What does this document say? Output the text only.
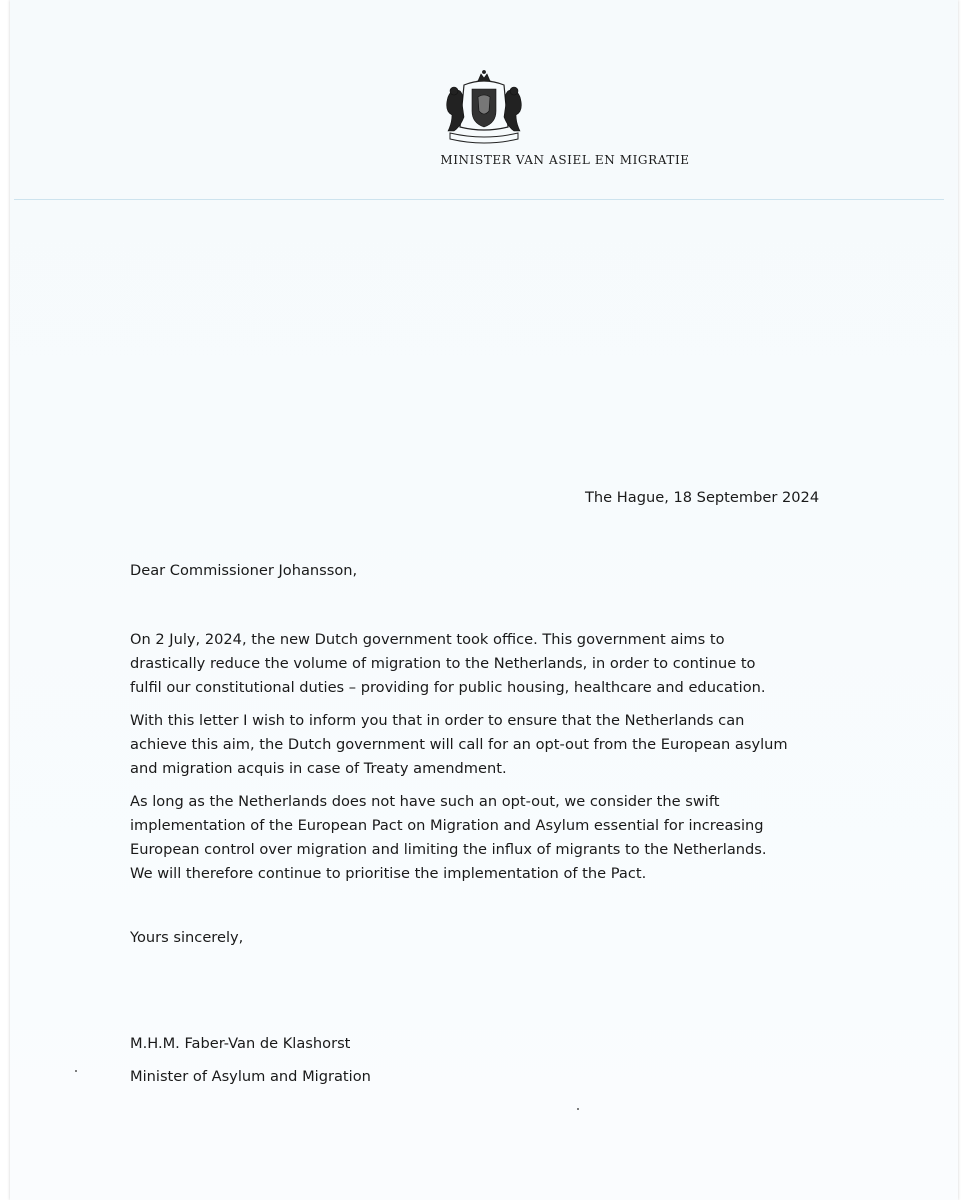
MINISTER VAN ASIEL EN MIGRATIE
The Hague, 18 September 2024
Dear Commissioner Johansson,
On 2 July, 2024, the new Dutch government took office. This government aims to
drastically reduce the volume of migration to the Netherlands, in order to continue to
fulfil our constitutional duties – providing for public housing, healthcare and education.
With this letter I wish to inform you that in order to ensure that the Netherlands can
achieve this aim, the Dutch government will call for an opt-out from the European asylum
and migration acquis in case of Treaty amendment.
As long as the Netherlands does not have such an opt-out, we consider the swift
implementation of the European Pact on Migration and Asylum essential for increasing
European control over migration and limiting the influx of migrants to the Netherlands.
We will therefore continue to prioritise the implementation of the Pact.
Yours sincerely,
M.H.M. Faber-Van de Klashorst
Minister of Asylum and Migration
